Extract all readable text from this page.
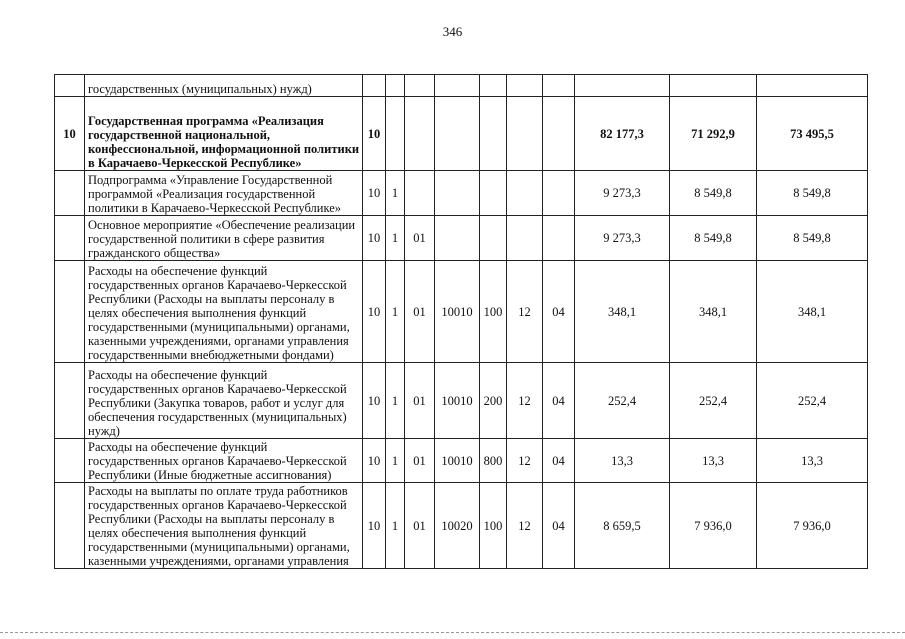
346
	государственных (муниципальных) нужд)										
10	Государственная программа «Реализация государственной национальной, конфессиональной, информационной политики в Карачаево-Черкесской Республике»	10							82 177,3	71 292,9	73 495,5
	Подпрограмма «Управление Государственной программой «Реализация государственной политики в Карачаево-Черкесской Республике»	10	1						9 273,3	8 549,8	8 549,8
	Основное мероприятие «Обеспечение реализации государственной политики в сфере развития гражданского общества»	10	1	01					9 273,3	8 549,8	8 549,8
	Расходы на обеспечение функций государственных органов Карачаево-Черкесской Республики (Расходы на выплаты персоналу в целях обеспечения выполнения функций государственными (муниципальными) органами, казенными учреждениями, органами управления государственными внебюджетными фондами)	10	1	01	10010	100	12	04	348,1	348,1	348,1
	Расходы на обеспечение функций государственных органов Карачаево-Черкесской Республики (Закупка товаров, работ и услуг для обеспечения государственных (муниципальных) нужд)	10	1	01	10010	200	12	04	252,4	252,4	252,4
	Расходы на обеспечение функций государственных органов Карачаево-Черкесской Республики (Иные бюджетные ассигнования)	10	1	01	10010	800	12	04	13,3	13,3	13,3
	Расходы на выплаты по оплате труда работников государственных органов Карачаево-Черкесской Республики (Расходы на выплаты персоналу в целях обеспечения выполнения функций государственными (муниципальными) органами, казенными учреждениями, органами управления	10	1	01	10020	100	12	04	8 659,5	7 936,0	7 936,0
